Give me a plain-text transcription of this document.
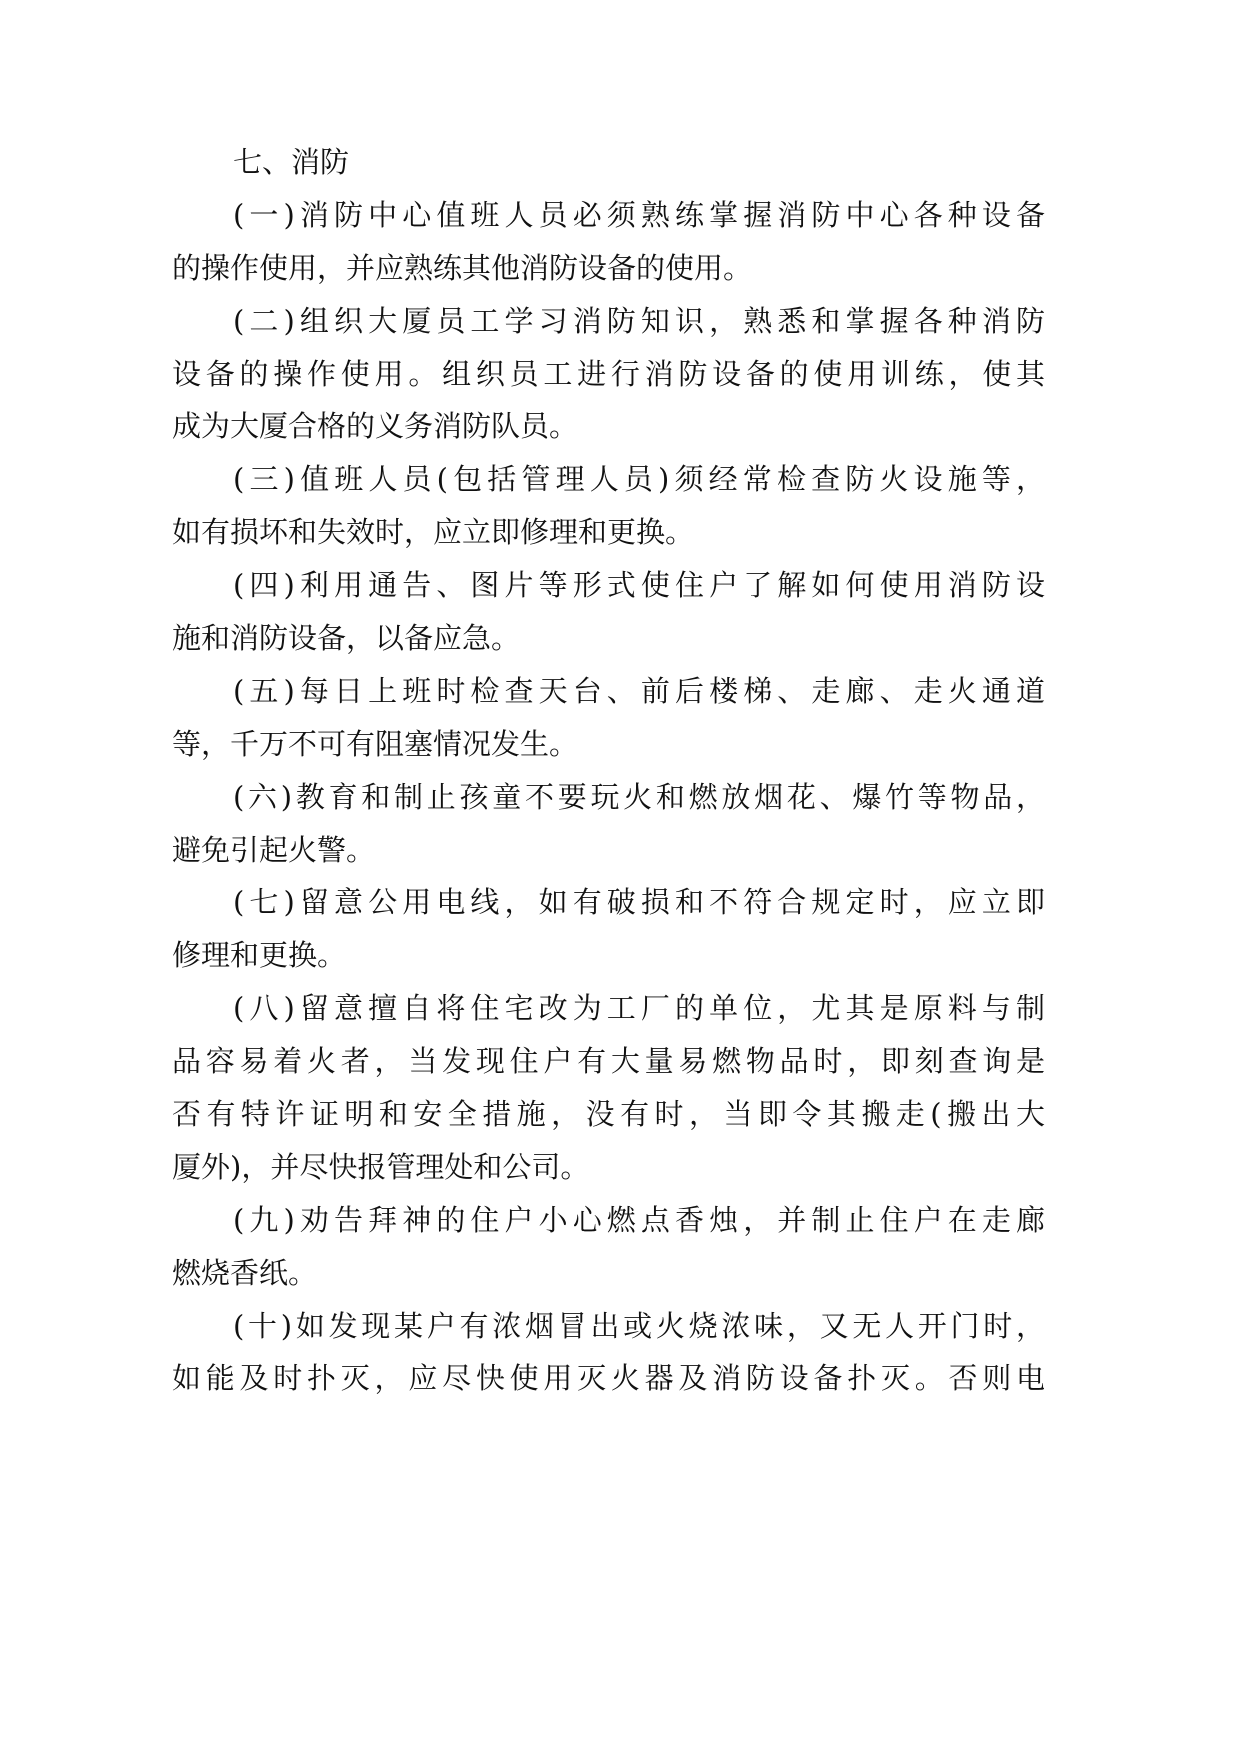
七、消防
(一)消防中心值班人员必须熟练掌握消防中心各种设备
的操作使用，并应熟练其他消防设备的使用。
(二)组织大厦员工学习消防知识，熟悉和掌握各种消防
设备的操作使用。组织员工进行消防设备的使用训练，使其
成为大厦合格的义务消防队员。
(三)值班人员(包括管理人员)须经常检查防火设施等，
如有损坏和失效时，应立即修理和更换。
(四)利用通告、图片等形式使住户了解如何使用消防设
施和消防设备，以备应急。
(五)每日上班时检查天台、前后楼梯、走廊、走火通道
等，千万不可有阻塞情况发生。
(六)教育和制止孩童不要玩火和燃放烟花、爆竹等物品，
避免引起火警。
(七)留意公用电线，如有破损和不符合规定时，应立即
修理和更换。
(八)留意擅自将住宅改为工厂的单位，尤其是原料与制
品容易着火者，当发现住户有大量易燃物品时，即刻查询是
否有特许证明和安全措施，没有时，当即令其搬走(搬出大
厦外)，并尽快报管理处和公司。
(九)劝告拜神的住户小心燃点香烛，并制止住户在走廊
燃烧香纸。
(十)如发现某户有浓烟冒出或火烧浓味，又无人开门时，
如能及时扑灭，应尽快使用灭火器及消防设备扑灭。否则电
